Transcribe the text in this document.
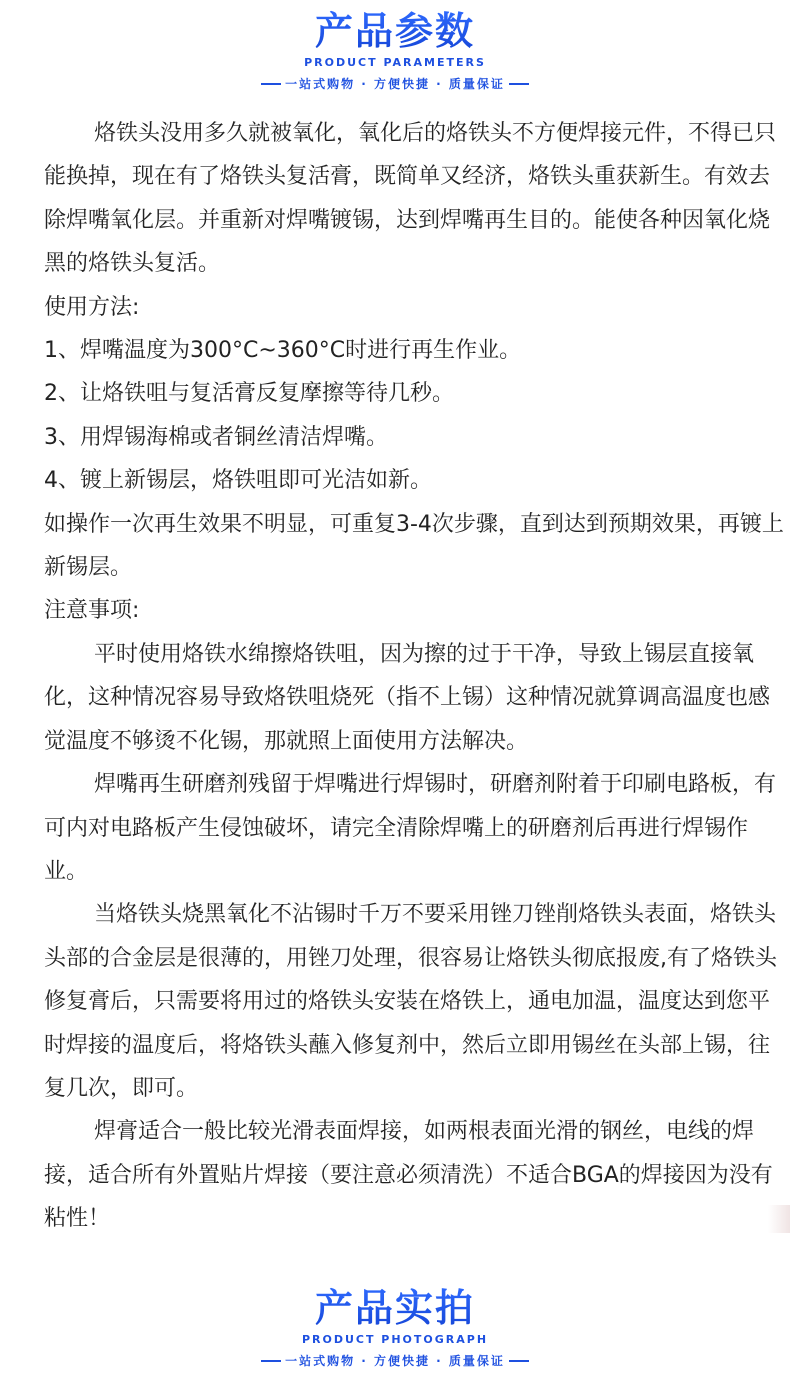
产品参数
PRODUCT PARAMETERS
一站式购物 · 方便快捷 · 质量保证

烙铁头没用多久就被氧化，氧化后的烙铁头不方便焊接元件，不得已只能换掉，现在有了烙铁头复活膏，既简单又经济，烙铁头重获新生。有效去除焊嘴氧化层。并重新对焊嘴镀锡，达到焊嘴再生目的。能使各种因氧化烧黑的烙铁头复活。

使用方法:

1、焊嘴温度为300°C~360°C时进行再生作业。

2、让烙铁咀与复活膏反复摩擦等待几秒。

3、用焊锡海棉或者铜丝清洁焊嘴。

4、镀上新锡层，烙铁咀即可光洁如新。

如操作一次再生效果不明显，可重复3-4次步骤，直到达到预期效果，再镀上新锡层。

注意事项:

平时使用烙铁水绵擦烙铁咀，因为擦的过于干净，导致上锡层直接氧化，这种情况容易导致烙铁咀烧死（指不上锡）这种情况就算调高温度也感觉温度不够烫不化锡，那就照上面使用方法解决。

焊嘴再生研磨剂残留于焊嘴进行焊锡时，研磨剂附着于印刷电路板，有可内对电路板产生侵蚀破坏，请完全清除焊嘴上的研磨剂后再进行焊锡作业。

当烙铁头烧黑氧化不沾锡时千万不要采用锉刀锉削烙铁头表面，烙铁头头部的合金层是很薄的，用锉刀处理，很容易让烙铁头彻底报废,有了烙铁头修复膏后，只需要将用过的烙铁头安装在烙铁上，通电加温，温度达到您平时焊接的温度后，将烙铁头蘸入修复剂中，然后立即用锡丝在头部上锡，往复几次，即可。

焊膏适合一般比较光滑表面焊接，如两根表面光滑的钢丝，电线的焊接，适合所有外置贴片焊接（要注意必须清洗）不适合BGA的焊接因为没有粘性！

产品实拍
PRODUCT PHOTOGRAPH
一站式购物 · 方便快捷 · 质量保证
